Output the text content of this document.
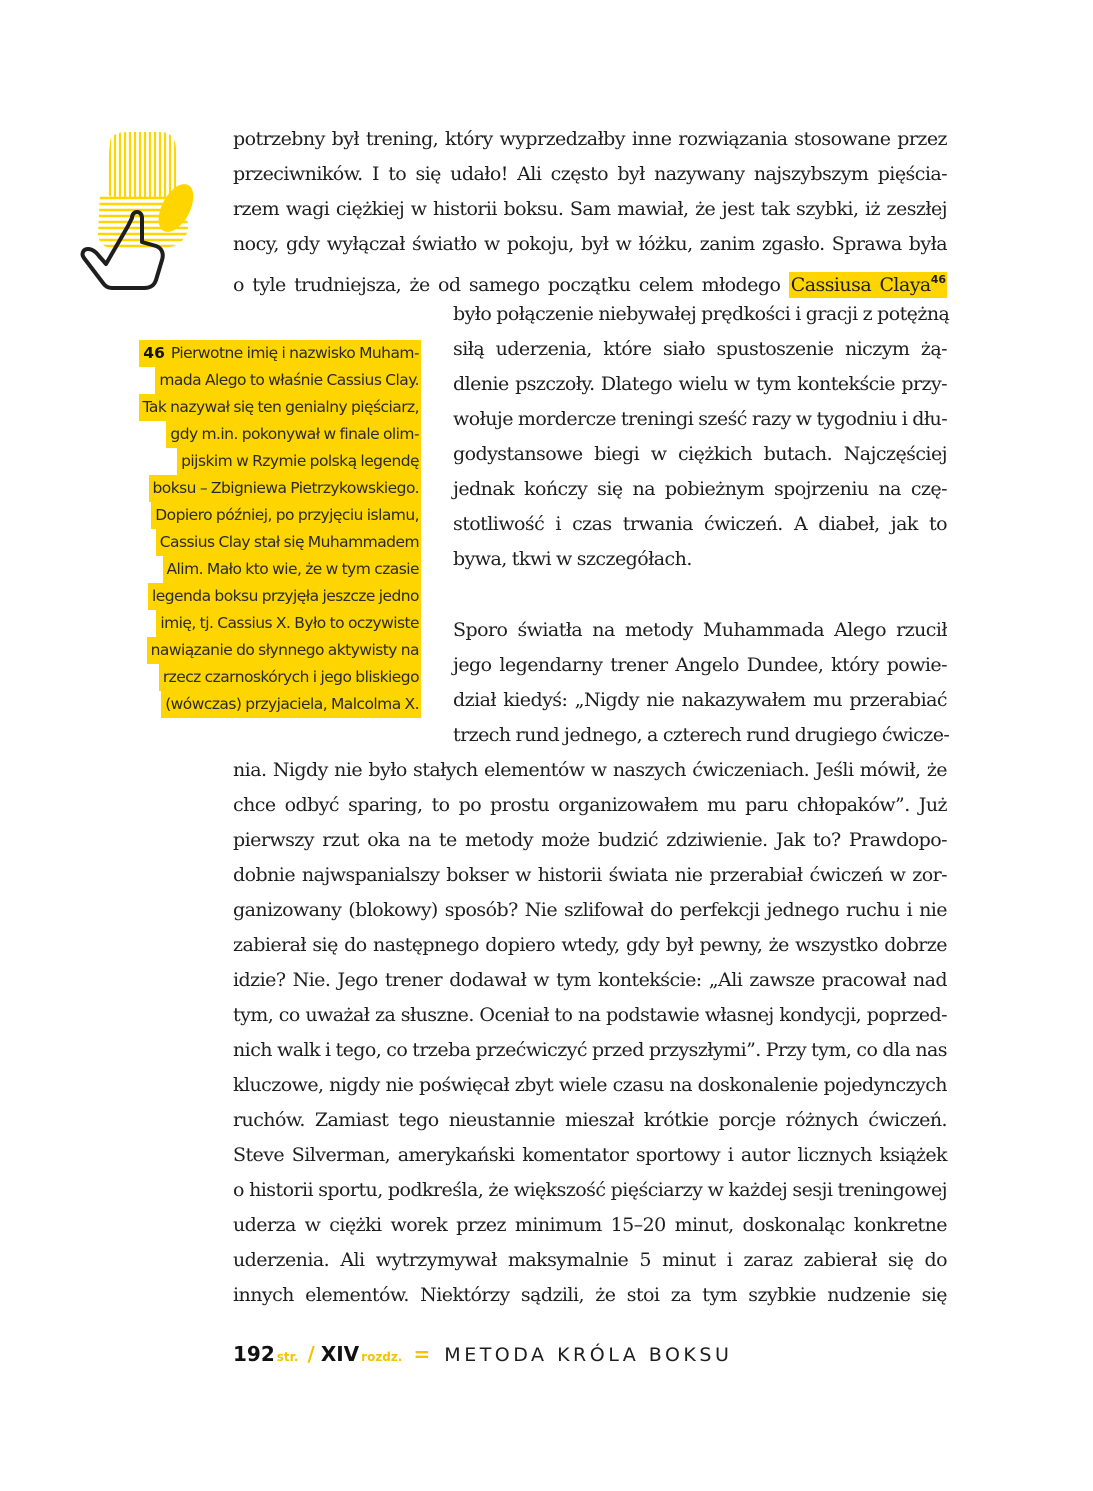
potrzebny był trening, który wyprzedzałby inne rozwiązania stosowane przez

przeciwników. I to się udało! Ali często był nazywany najszybszym pięścia-

rzem wagi ciężkiej w historii boksu. Sam mawiał, że jest tak szybki, iż zeszłej

nocy, gdy wyłączał światło w pokoju, był w łóżku, zanim zgasło. Sprawa była

o tyle trudniejsza, że od samego początku celem młodego Cassiusa Claya$^{46}$

było połączenie niebywałej prędkości i gracji z potężną

siłą uderzenia, które siało spustoszenie niczym żą-

dlenie pszczoły. Dlatego wielu w tym kontekście przy-

wołuje mordercze treningi sześć razy w tygodniu i dłu-

godystansowe biegi w ciężkich butach. Najczęściej

jednak kończy się na pobieżnym spojrzeniu na czę-

stotliwość i czas trwania ćwiczeń. A diabeł, jak to

bywa, tkwi w szczegółach.

Sporo światła na metody Muhammada Alego rzucił

jego legendarny trener Angelo Dundee, który powie-

dział kiedyś: „Nigdy nie nakazywałem mu przerabiać

trzech rund jednego, a czterech rund drugiego ćwicze-

nia. Nigdy nie było stałych elementów w naszych ćwiczeniach. Jeśli mówił, że

chce odbyć sparing, to po prostu organizowałem mu paru chłopaków”. Już

pierwszy rzut oka na te metody może budzić zdziwienie. Jak to? Prawdopo-

dobnie najwspanialszy bokser w historii świata nie przerabiał ćwiczeń w zor-

ganizowany (blokowy) sposób? Nie szlifował do perfekcji jednego ruchu i nie

zabierał się do następnego dopiero wtedy, gdy był pewny, że wszystko dobrze

idzie? Nie. Jego trener dodawał w tym kontekście: „Ali zawsze pracował nad

tym, co uważał za słuszne. Oceniał to na podstawie własnej kondycji, poprzed-

nich walk i tego, co trzeba przećwiczyć przed przyszłymi”. Przy tym, co dla nas

kluczowe, nigdy nie poświęcał zbyt wiele czasu na doskonalenie pojedynczych

ruchów. Zamiast tego nieustannie mieszał krótkie porcje różnych ćwiczeń.

Steve Silverman, amerykański komentator sportowy i autor licznych książek

o historii sportu, podkreśla, że większość pięściarzy w każdej sesji treningowej

uderza w ciężki worek przez minimum 15–20 minut, doskonaląc konkretne

uderzenia. Ali wytrzymywał maksymalnie 5 minut i zaraz zabierał się do

innych elementów. Niektórzy sądzili, że stoi za tym szybkie nudzenie się

46 Pierwotne imię i nazwisko Muham-

mada Alego to właśnie Cassius Clay.

Tak nazywał się ten genialny pięściarz,

gdy m.in. pokonywał w finale olim-

pijskim w Rzymie polską legendę

boksu – Zbigniewa Pietrzykowskiego.

Dopiero później, po przyjęciu islamu,

Cassius Clay stał się Muhammadem

Alim. Mało kto wie, że w tym czasie

legenda boksu przyjęła jeszcze jedno

imię, tj. Cassius X. Było to oczywiste

nawiązanie do słynnego aktywisty na

rzecz czarnoskórych i jego bliskiego

(wówczas) przyjaciela, Malcolma X.

192 str. / XIV rozdz. = METODA KRÓLA BOKSU
